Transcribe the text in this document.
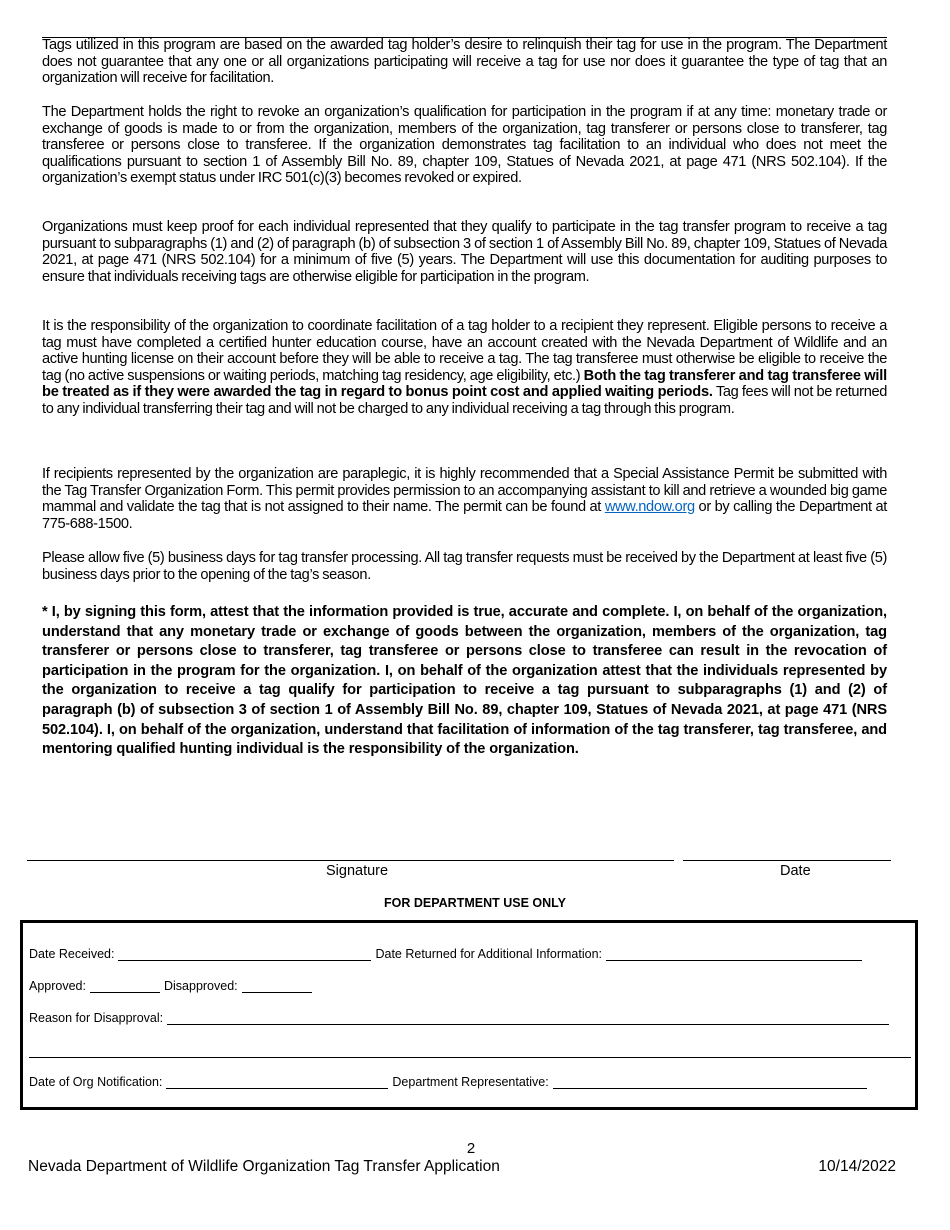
Tags utilized in this program are based on the awarded tag holder’s desire to relinquish their tag for use in the program. The Department does not guarantee that any one or all organizations participating will receive a tag for use nor does it guarantee the type of tag that an organization will receive for facilitation.

The Department holds the right to revoke an organization’s qualification for participation in the program if at any time: monetary trade or exchange of goods is made to or from the organization, members of the organization, tag transferer or persons close to transferer, tag transferee or persons close to transferee. If the organization demonstrates tag facilitation to an individual who does not meet the qualifications pursuant to section 1 of Assembly Bill No. 89, chapter 109, Statues of Nevada 2021, at page 471 (NRS 502.104). If the organization’s exempt status under IRC 501(c)(3) becomes revoked or expired.

Organizations must keep proof for each individual represented that they qualify to participate in the tag transfer program to receive a tag pursuant to subparagraphs (1) and (2) of paragraph (b) of subsection 3 of section 1 of Assembly Bill No. 89, chapter 109, Statues of Nevada 2021, at page 471 (NRS 502.104) for a minimum of five (5) years. The Department will use this documentation for auditing purposes to ensure that individuals receiving tags are otherwise eligible for participation in the program.

It is the responsibility of the organization to coordinate facilitation of a tag holder to a recipient they represent. Eligible persons to receive a tag must have completed a certified hunter education course, have an account created with the Nevada Department of Wildlife and an active hunting license on their account before they will be able to receive a tag. The tag transferee must otherwise be eligible to receive the tag (no active suspensions or waiting periods, matching tag residency, age eligibility, etc.) Both the tag transferer and tag transferee will be treated as if they were awarded the tag in regard to bonus point cost and applied waiting periods. Tag fees will not be returned to any individual transferring their tag and will not be charged to any individual receiving a tag through this program.

If recipients represented by the organization are paraplegic, it is highly recommended that a Special Assistance Permit be submitted with the Tag Transfer Organization Form. This permit provides permission to an accompanying assistant to kill and retrieve a wounded big game mammal and validate the tag that is not assigned to their name. The permit can be found at www.ndow.org or by calling the Department at 775-688-1500.

Please allow five (5) business days for tag transfer processing. All tag transfer requests must be received by the Department at least five (5) business days prior to the opening of the tag’s season.

* I, by signing this form, attest that the information provided is true, accurate and complete. I, on behalf of the organization, understand that any monetary trade or exchange of goods between the organization, members of the organization, tag transferer or persons close to transferer, tag transferee or persons close to transferee can result in the revocation of participation in the program for the organization. I, on behalf of the organization attest that the individuals represented by the organization to receive a tag qualify for participation to receive a tag pursuant to subparagraphs (1) and (2) of paragraph (b) of subsection 3 of section 1 of Assembly Bill No. 89, chapter 109, Statues of Nevada 2021, at page 471 (NRS 502.104). I, on behalf of the organization, understand that facilitation of information of the tag transferer, tag transferee, and mentoring qualified hunting individual is the responsibility of the organization.

Signature	Date
FOR DEPARTMENT USE ONLY
Date Received:	Date Returned for Additional Information:
Approved:	Disapproved:
Reason for Disapproval:
Date of Org Notification:	Department Representative:
2
Nevada Department of Wildlife Organization Tag Transfer Application	10/14/2022
